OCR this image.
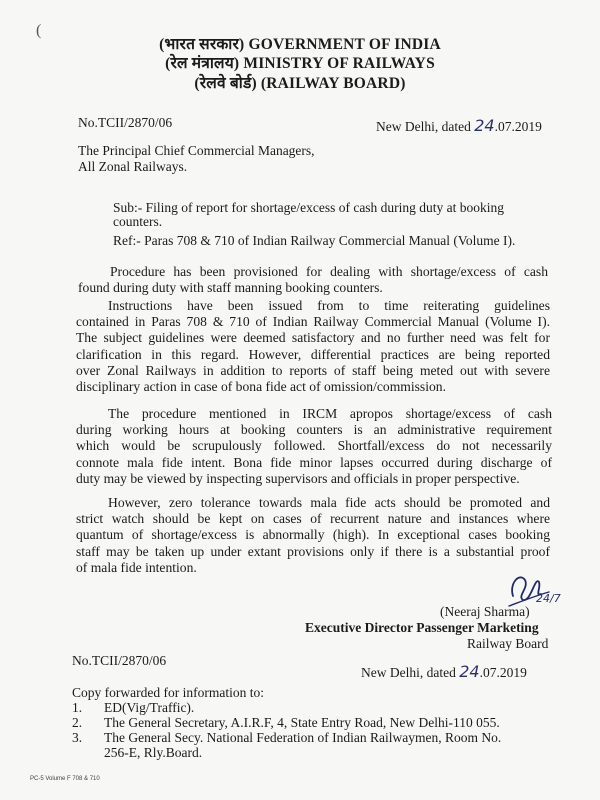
(
(भारत सरकार) GOVERNMENT OF INDIA
(रेल मंत्रालय) MINISTRY OF RAILWAYS
(रेलवे बोर्ड) (RAILWAY BOARD)
No.TCII/2870/06	New Delhi, dated 24.07.2019
The Principal Chief Commercial Managers,
All Zonal Railways.
Sub:- Filing of report for shortage/excess of cash during duty at booking
counters.
Ref:- Paras 708 & 710 of Indian Railway Commercial Manual (Volume I).
Procedure has been provisioned for dealing with shortage/excess of cash
found during duty with staff manning booking counters.
Instructions have been issued from to time reiterating guidelines
contained in Paras 708 & 710 of Indian Railway Commercial Manual (Volume I).
The subject guidelines were deemed satisfactory and no further need was felt for
clarification in this regard. However, differential practices are being reported
over Zonal Railways in addition to reports of staff being meted out with severe
disciplinary action in case of bona fide act of omission/commission.
The procedure mentioned in IRCM apropos shortage/excess of cash
during working hours at booking counters is an administrative requirement
which would be scrupulously followed. Shortfall/excess do not necessarily
connote mala fide intent. Bona fide minor lapses occurred during discharge of
duty may be viewed by inspecting supervisors and officials in proper perspective.
However, zero tolerance towards mala fide acts should be promoted and
strict watch should be kept on cases of recurrent nature and instances where
quantum of shortage/excess is abnormally (high). In exceptional cases booking
staff may be taken up under extant provisions only if there is a substantial proof
of mala fide intention.
24/7
(Neeraj Sharma)
Executive Director Passenger Marketing
Railway Board
No.TCII/2870/06
New Delhi, dated 24.07.2019
Copy forwarded for information to:
1. ED(Vig/Traffic).
2. The General Secretary, A.I.R.F, 4, State Entry Road, New Delhi-110 055.
3. The General Secy. National Federation of Indian Railwaymen, Room No.
256-E, Rly.Board.
PC-5 Volume F 708 & 710
